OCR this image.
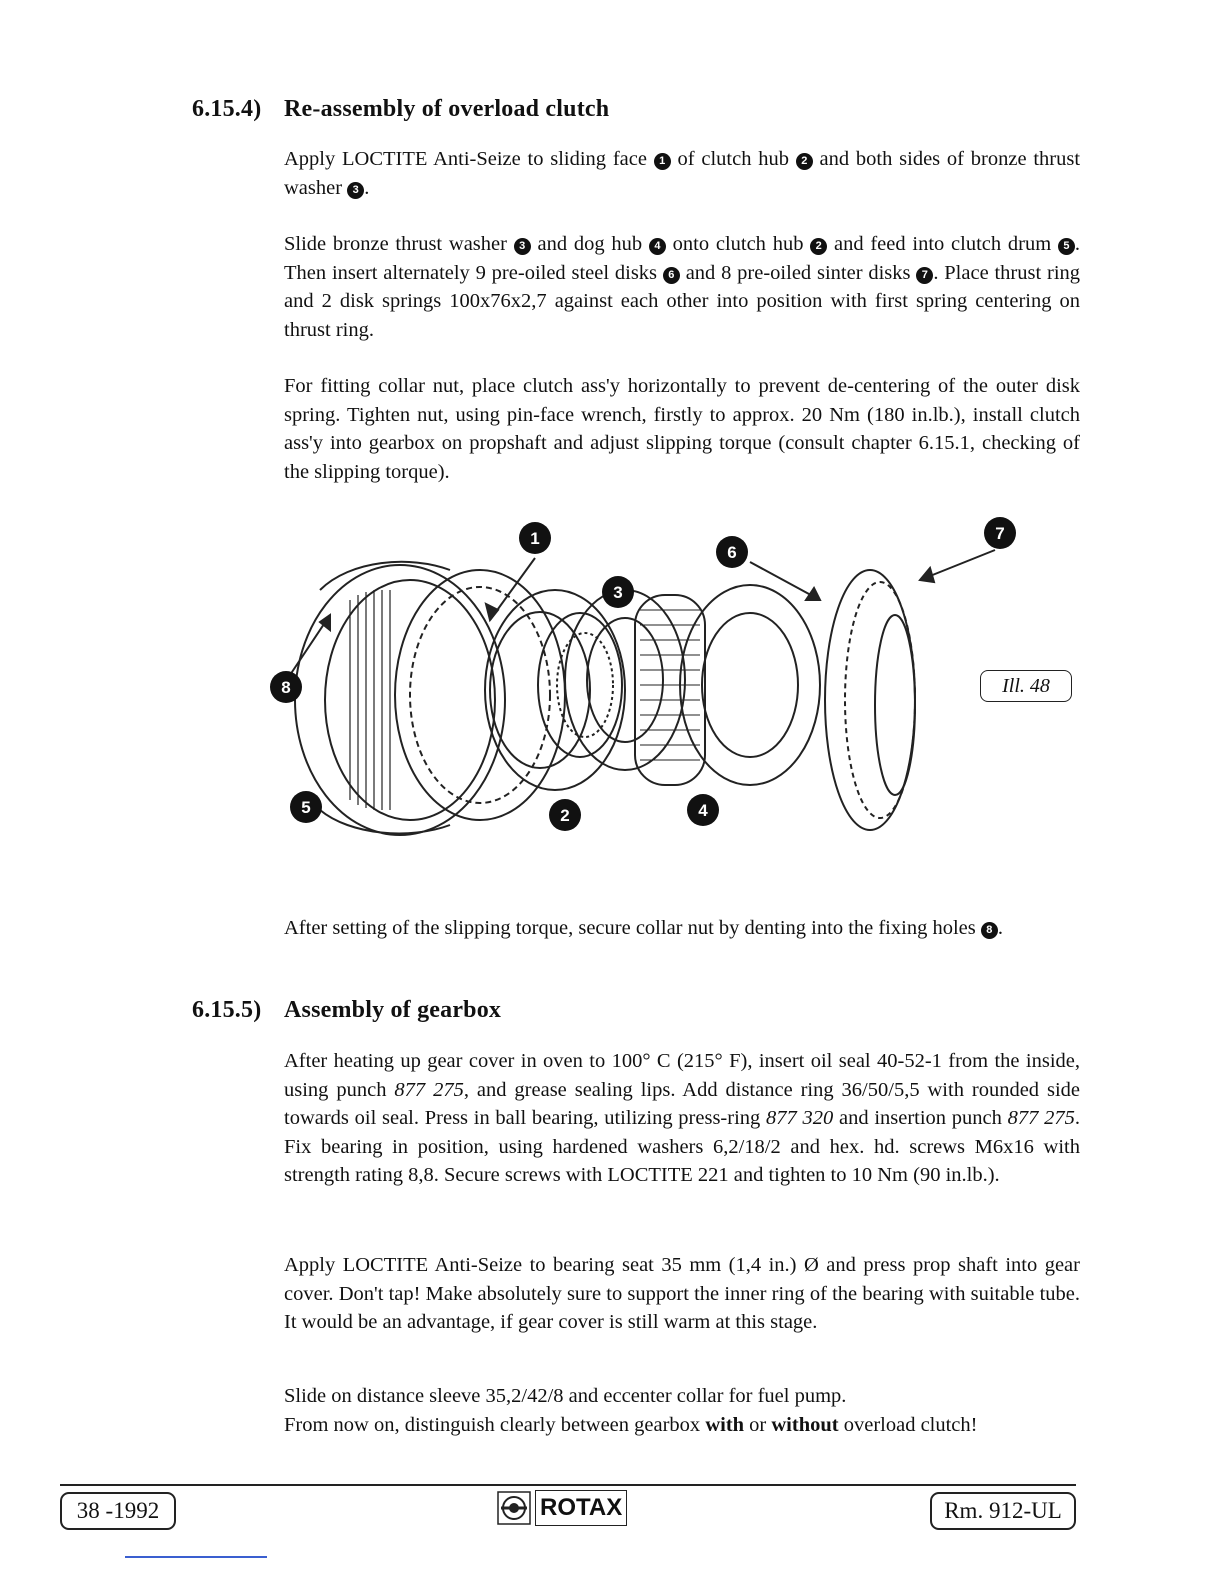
6.15.4) Re-assembly of overload clutch

Apply LOCTITE Anti-Seize to sliding face 1 of clutch hub 2 and both sides of bronze thrust washer 3 .

Slide bronze thrust washer 3 and dog hub 4 onto clutch hub 2 and feed into clutch drum 5 . Then insert alternately 9 pre-oiled steel disks 6 and 8 pre-oiled sinter disks 7 . Place thrust ring and 2 disk springs 100x76x2,7 against each other into position with first spring centering on thrust ring.

For fitting collar nut, place clutch ass'y horizontally to prevent de-centering of the outer disk spring. Tighten nut, using pin-face wrench, firstly to approx. 20 Nm (180 in.lb.), install clutch ass'y into gearbox on propshaft and adjust slipping torque (consult chapter 6.15.1, checking of the slipping torque).

1
2
3
4
5
6
7
8	Ill. 48

After setting of the slipping torque, secure collar nut by denting into the fixing holes 8 .

6.15.5) Assembly of gearbox

After heating up gear cover in oven to 100° C (215° F), insert oil seal 40-52-1 from the inside, using punch 877 275, and grease sealing lips. Add distance ring 36/50/5,5 with rounded side towards oil seal. Press in ball bearing, utilizing press-ring 877 320 and insertion punch 877 275. Fix bearing in position, using hardened washers 6,2/18/2 and hex. hd. screws M6x16 with strength rating 8,8. Secure screws with LOCTITE 221 and tighten to 10 Nm (90 in.lb.).

Apply LOCTITE Anti-Seize to bearing seat 35 mm (1,4 in.) Ø and press prop shaft into gear cover. Don't tap! Make absolutely sure to support the inner ring of the bearing with suitable tube. It would be an advantage, if gear cover is still warm at this stage.

Slide on distance sleeve 35,2/42/8 and eccenter collar for fuel pump.

From now on, distinguish clearly between gearbox with or without overload clutch!

38 -1992	ROTAX	Rm. 912-UL
